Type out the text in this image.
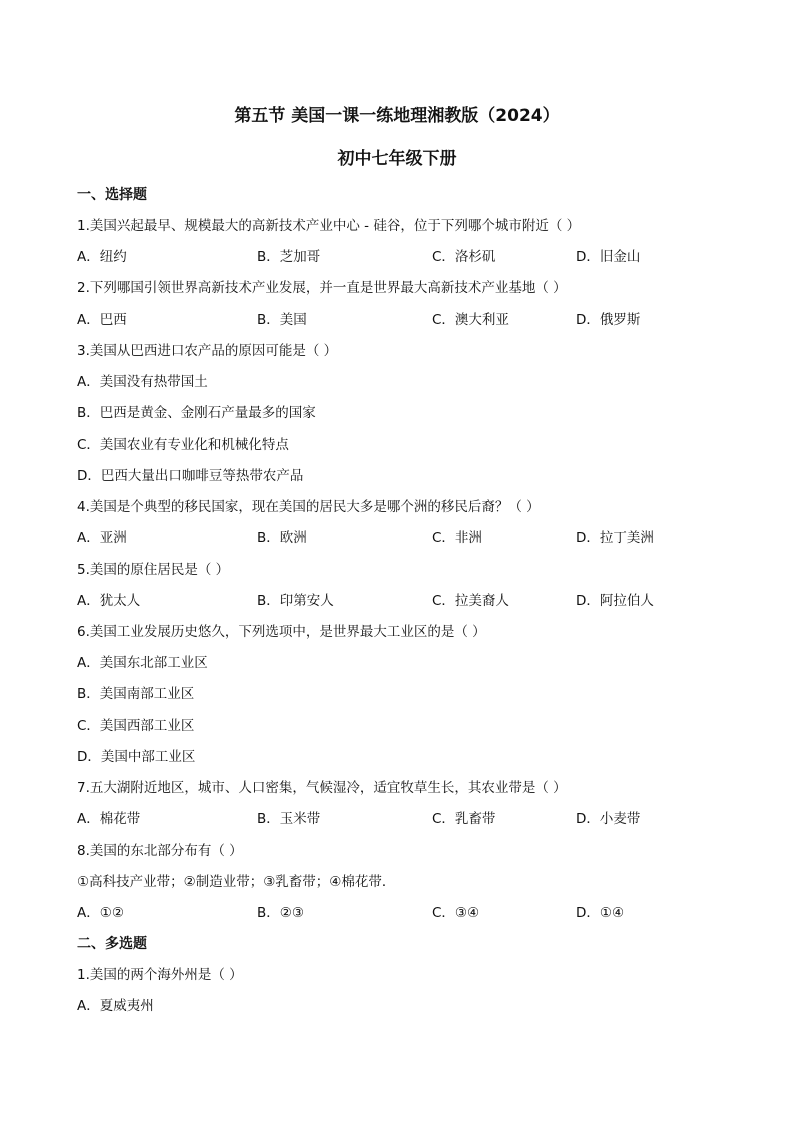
第五节 美国一课一练地理湘教版（2024）
初中七年级下册
一、选择题
1.美国兴起最早、规模最大的高新技术产业中心 - 硅谷，位于下列哪个城市附近（ ）
A．纽约	B．芝加哥	C．洛杉矶	D．旧金山
2.下列哪国引领世界高新技术产业发展，并一直是世界最大高新技术产业基地（ ）
A．巴西	B．美国	C．澳大利亚	D．俄罗斯
3.美国从巴西进口农产品的原因可能是（ ）
A．美国没有热带国土
B．巴西是黄金、金刚石产量最多的国家
C．美国农业有专业化和机械化特点
D．巴西大量出口咖啡豆等热带农产品
4.美国是个典型的移民国家，现在美国的居民大多是哪个洲的移民后裔？（ ）
A．亚洲	B．欧洲	C．非洲	D．拉丁美洲
5.美国的原住居民是（ ）
A．犹太人	B．印第安人	C．拉美裔人	D．阿拉伯人
6.美国工业发展历史悠久，下列选项中，是世界最大工业区的是（ ）
A．美国东北部工业区
B．美国南部工业区
C．美国西部工业区
D．美国中部工业区
7.五大湖附近地区，城市、人口密集，气候湿冷，适宜牧草生长，其农业带是（ ）
A．棉花带	B．玉米带	C．乳畜带	D．小麦带
8.美国的东北部分布有（ ）
①高科技产业带；②制造业带；③乳畜带；④棉花带．
A．①②	B．②③	C．③④	D．①④
二、多选题
1.美国的两个海外州是（ ）
A．夏威夷州
